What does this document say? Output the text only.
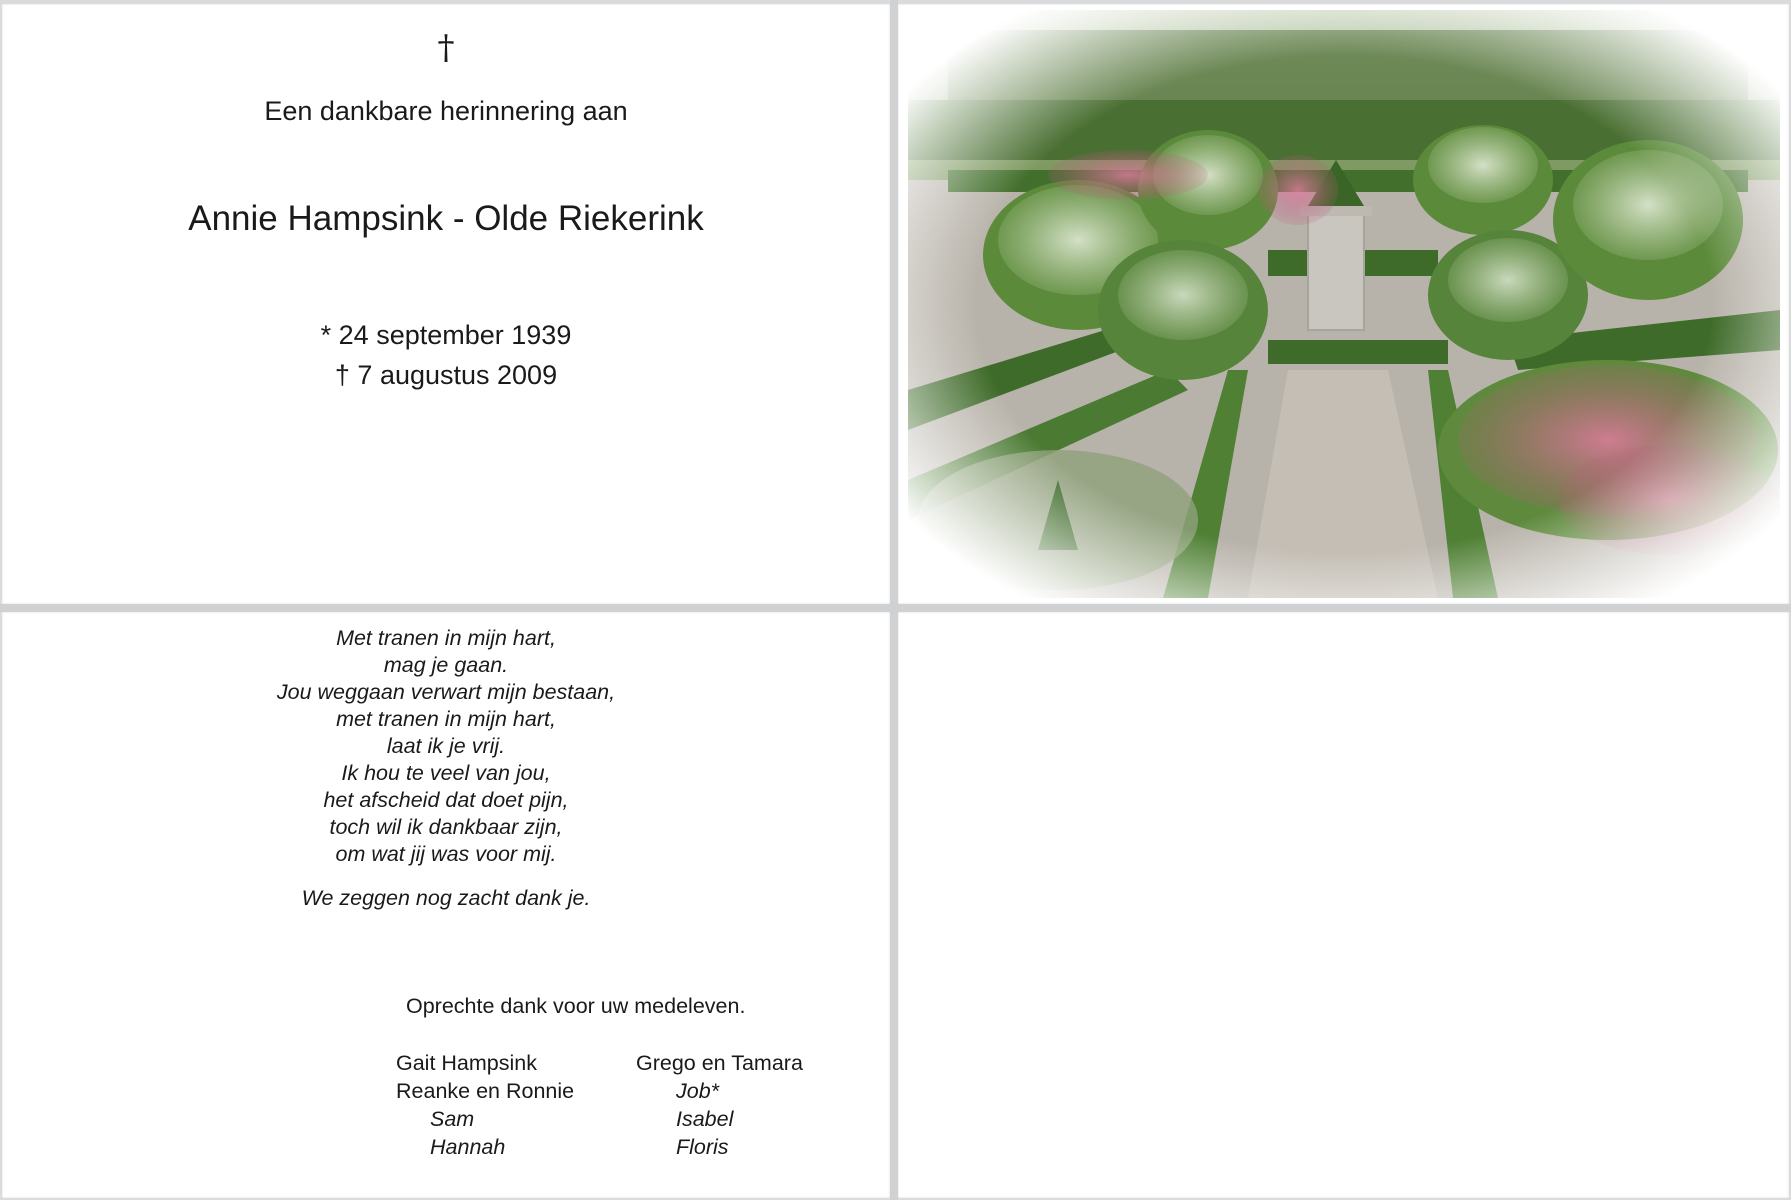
†
Een dankbare herinnering aan
Annie Hampsink - Olde Riekerink
* 24 september 1939
† 7 augustus 2009
Met tranen in mijn hart,
mag je gaan.
Jou weggaan verwart mijn bestaan,
met tranen in mijn hart,
laat ik je vrij.
Ik hou te veel van jou,
het afscheid dat doet pijn,
toch wil ik dankbaar zijn,
om wat jij was voor mij.
We zeggen nog zacht dank je.
Oprechte dank voor uw medeleven.
Gait Hampsink
Reanke en Ronnie
Sam
Hannah
Grego en Tamara
Job*
Isabel
Floris
